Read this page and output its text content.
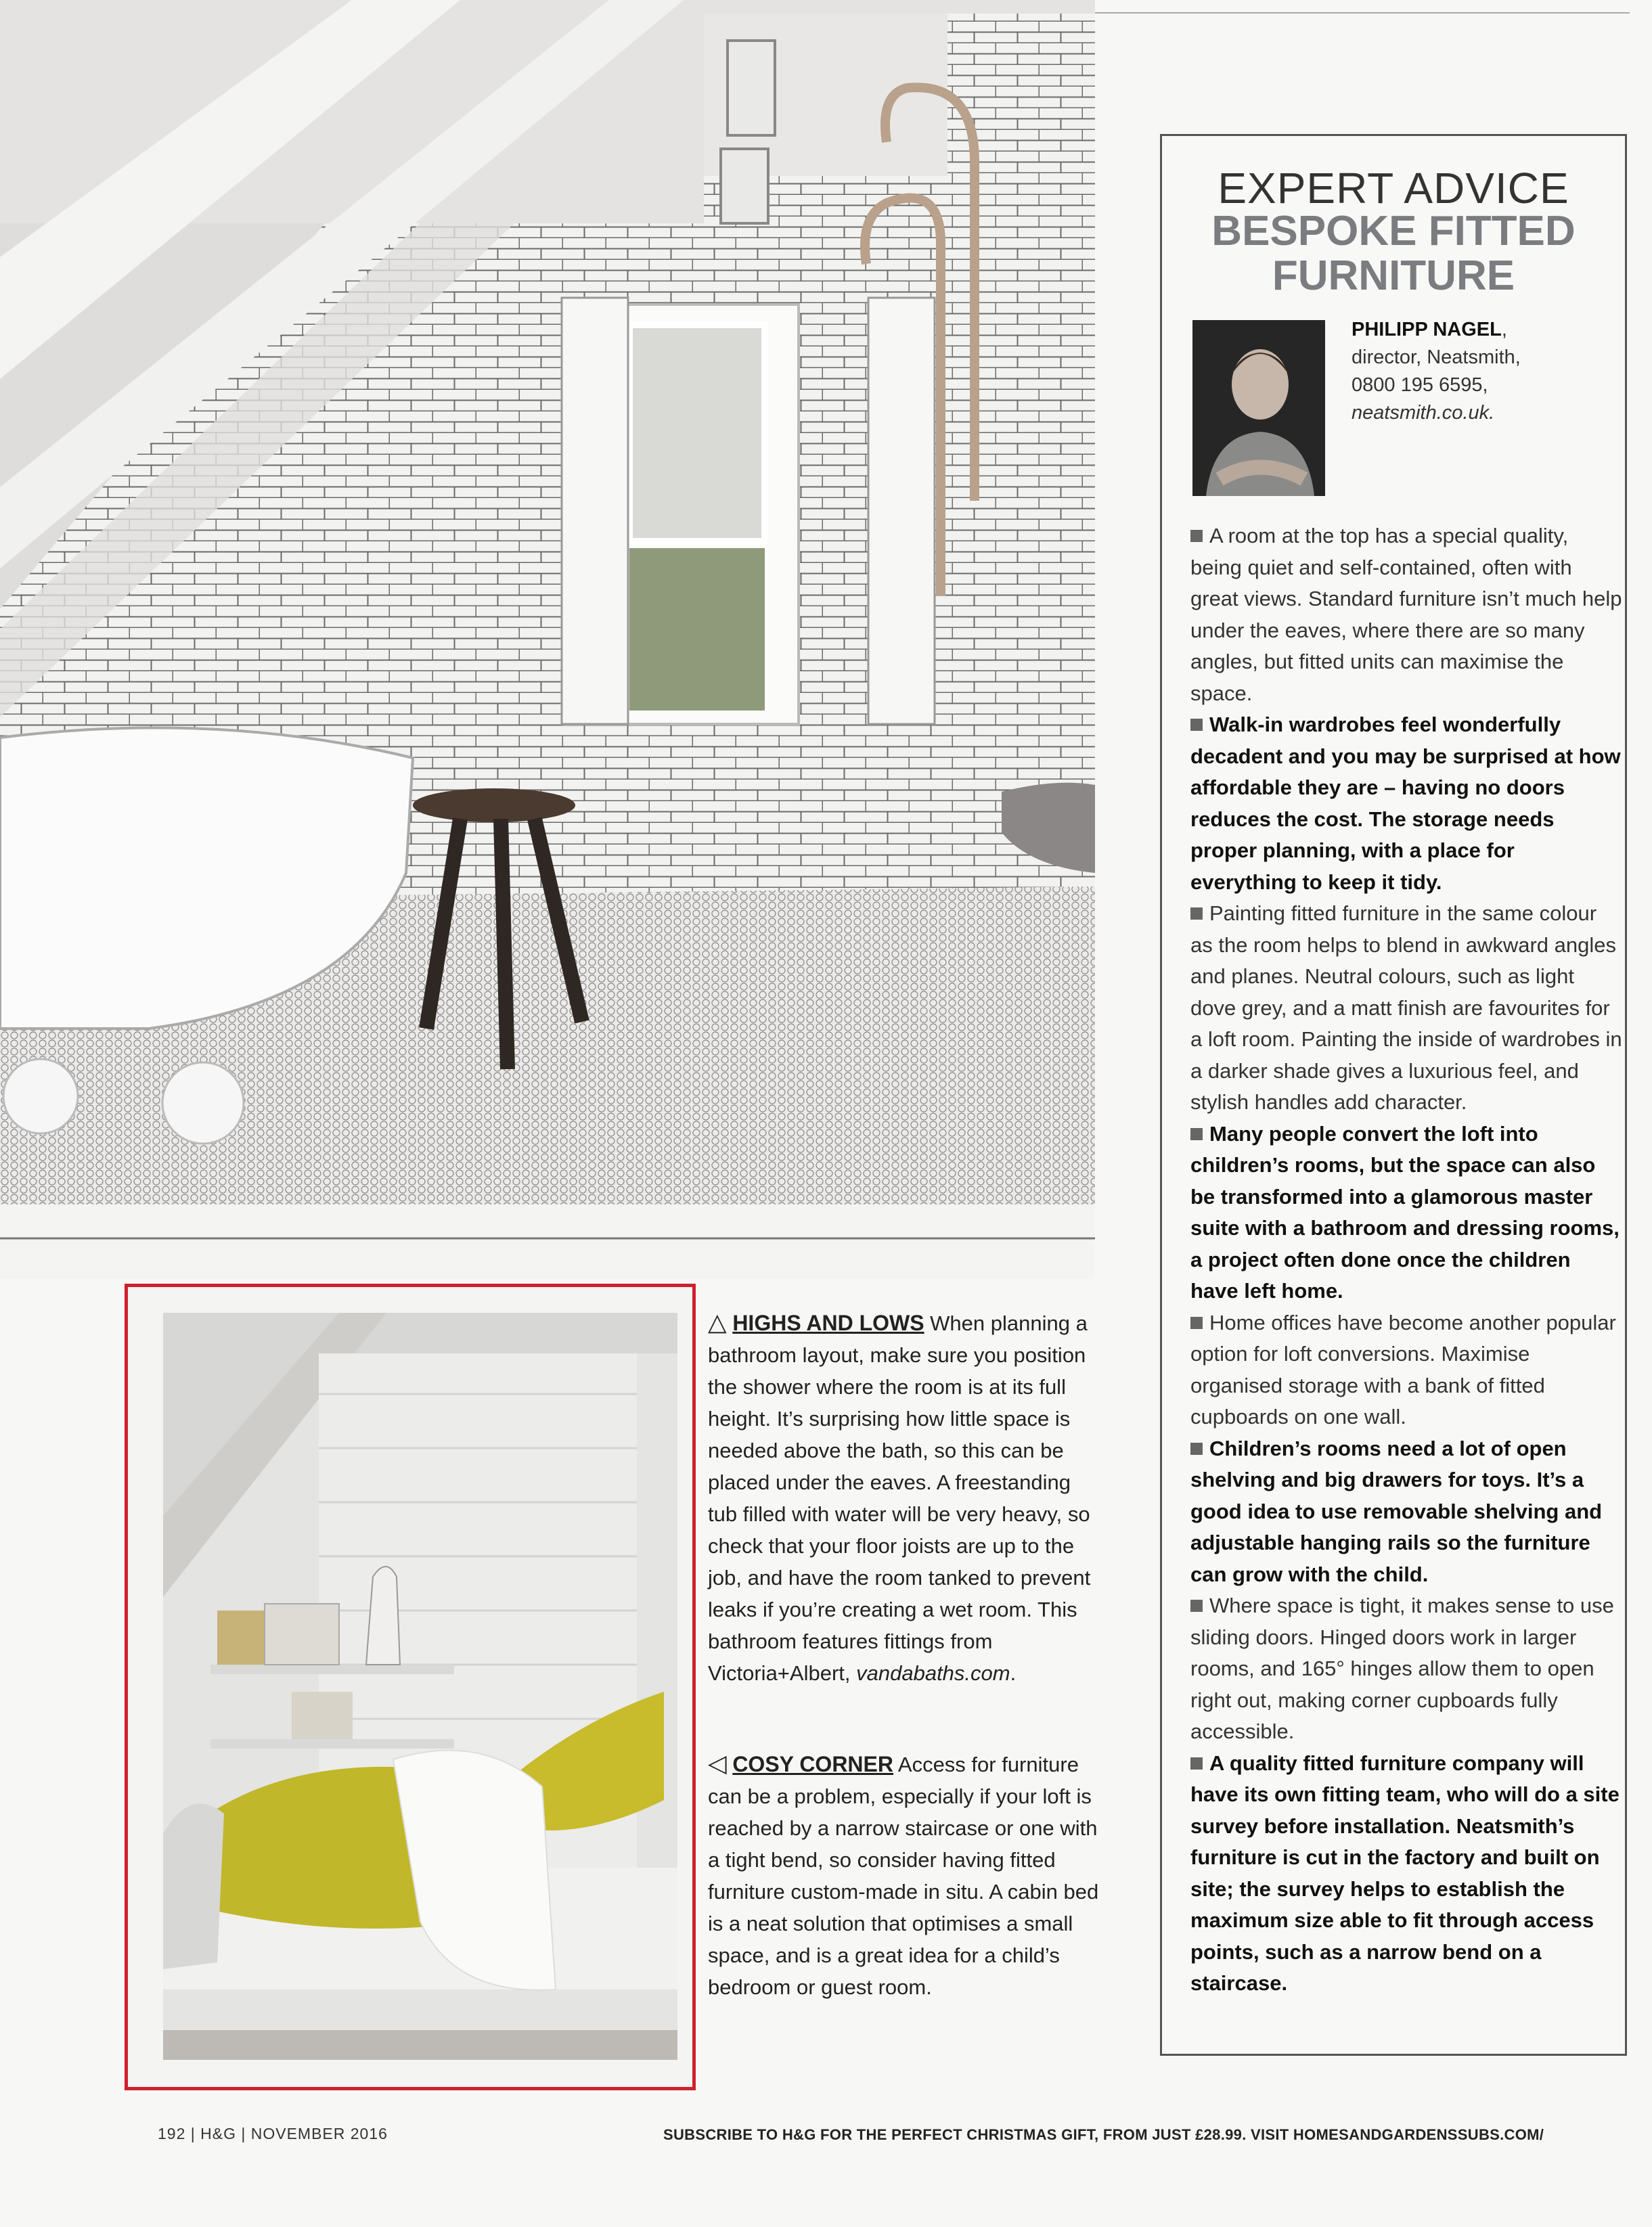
EXPERT ADVICE
BESPOKE FITTED
FURNITURE
PHILIPP NAGEL,
director, Neatsmith,
0800 195 6595,
neatsmith.co.uk.

A room at the top has a special quality, being quiet and self-contained, often with great views. Standard furniture isn’t much help under the eaves, where there are so many angles, but fitted units can maximise the space.

Walk-in wardrobes feel wonderfully decadent and you may be surprised at how affordable they are – having no doors reduces the cost. The storage needs proper planning, with a place for everything to keep it tidy.

Painting fitted furniture in the same colour as the room helps to blend in awkward angles and planes. Neutral colours, such as light dove grey, and a matt finish are favourites for a loft room. Painting the inside of wardrobes in a darker shade gives a luxurious feel, and stylish handles add character.

Many people convert the loft into children’s rooms, but the space can also be transformed into a glamorous master suite with a bathroom and dressing rooms, a project often done once the children have left home.

Home offices have become another popular option for loft conversions. Maximise organised storage with a bank of fitted cupboards on one wall.

Children’s rooms need a lot of open shelving and big drawers for toys. It’s a good idea to use removable shelving and adjustable hanging rails so the furniture can grow with the child.

Where space is tight, it makes sense to use sliding doors. Hinged doors work in larger rooms, and 165° hinges allow them to open right out, making corner cupboards fully accessible.

A quality fitted furniture company will have its own fitting team, who will do a site survey before installation. Neatsmith’s furniture is cut in the factory and built on site; the survey helps to establish the maximum size able to fit through access points, such as a narrow bend on a staircase.

△ HIGHS AND LOWS When planning a bathroom layout, make sure you position the shower where the room is at its full height. It’s surprising how little space is needed above the bath, so this can be placed under the eaves. A freestanding tub filled with water will be very heavy, so check that your floor joists are up to the job, and have the room tanked to prevent leaks if you’re creating a wet room. This bathroom features fittings from Victoria+Albert, vandabaths.com.
◁ COSY CORNER Access for furniture can be a problem, especially if your loft is reached by a narrow staircase or one with a tight bend, so consider having fitted furniture custom-made in situ. A cabin bed is a neat solution that optimises a small space, and is a great idea for a child’s bedroom or guest room.
192 | H&G | NOVEMBER 2016	SUBSCRIBE TO H&G FOR THE PERFECT CHRISTMAS GIFT, FROM JUST £28.99. VISIT HOMESANDGARDENSSUBS.COM/
